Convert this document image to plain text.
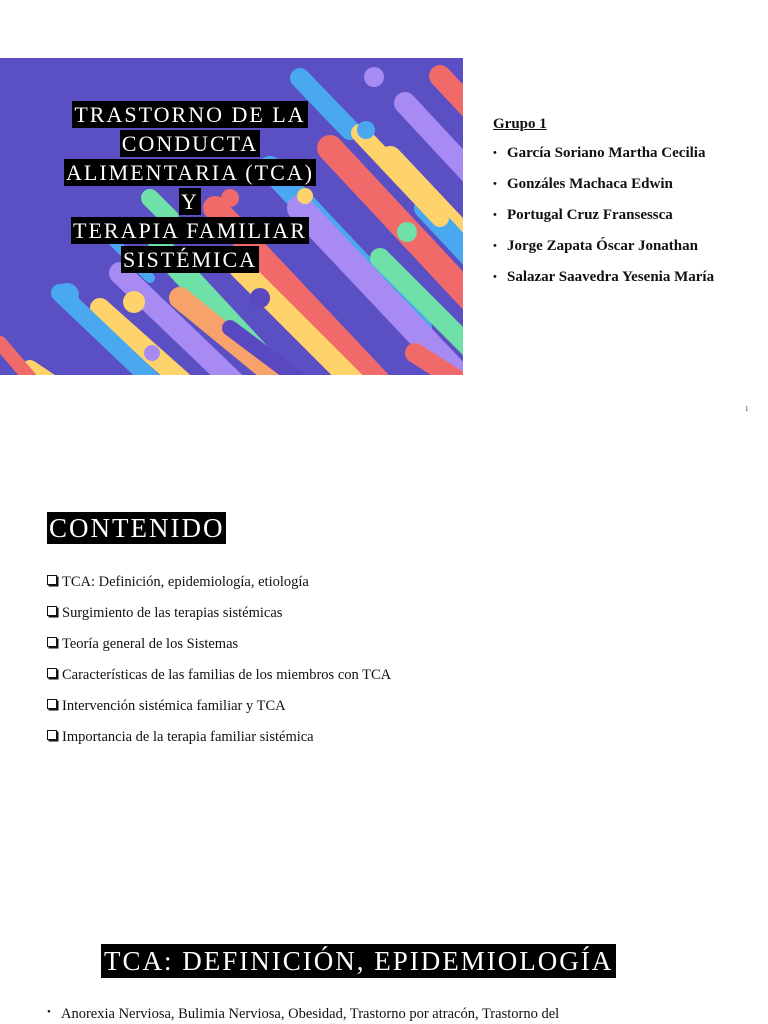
TRASTORNO DE LA
CONDUCTA
ALIMENTARIA (TCA)
Y
TERAPIA FAMILIAR
SISTÉMICA
Grupo 1
• García Soriano Martha Cecilia
• Gonzáles Machaca Edwin
• Portugal Cruz Fransessca
• Jorge Zapata Óscar Jonathan
• Salazar Saavedra Yesenia María
1
CONTENIDO
TCA: Definición, epidemiología, etiología
Surgimiento de las terapias sistémicas
Teoría general de los Sistemas
Características de las familias de los miembros con TCA
Intervención sistémica familiar y TCA
Importancia de la terapia familiar sistémica
TCA: DEFINICIÓN, EPIDEMIOLOGÍA
• Anorexia Nerviosa, Bulimia Nerviosa, Obesidad, Trastorno por atracón, Trastorno del
